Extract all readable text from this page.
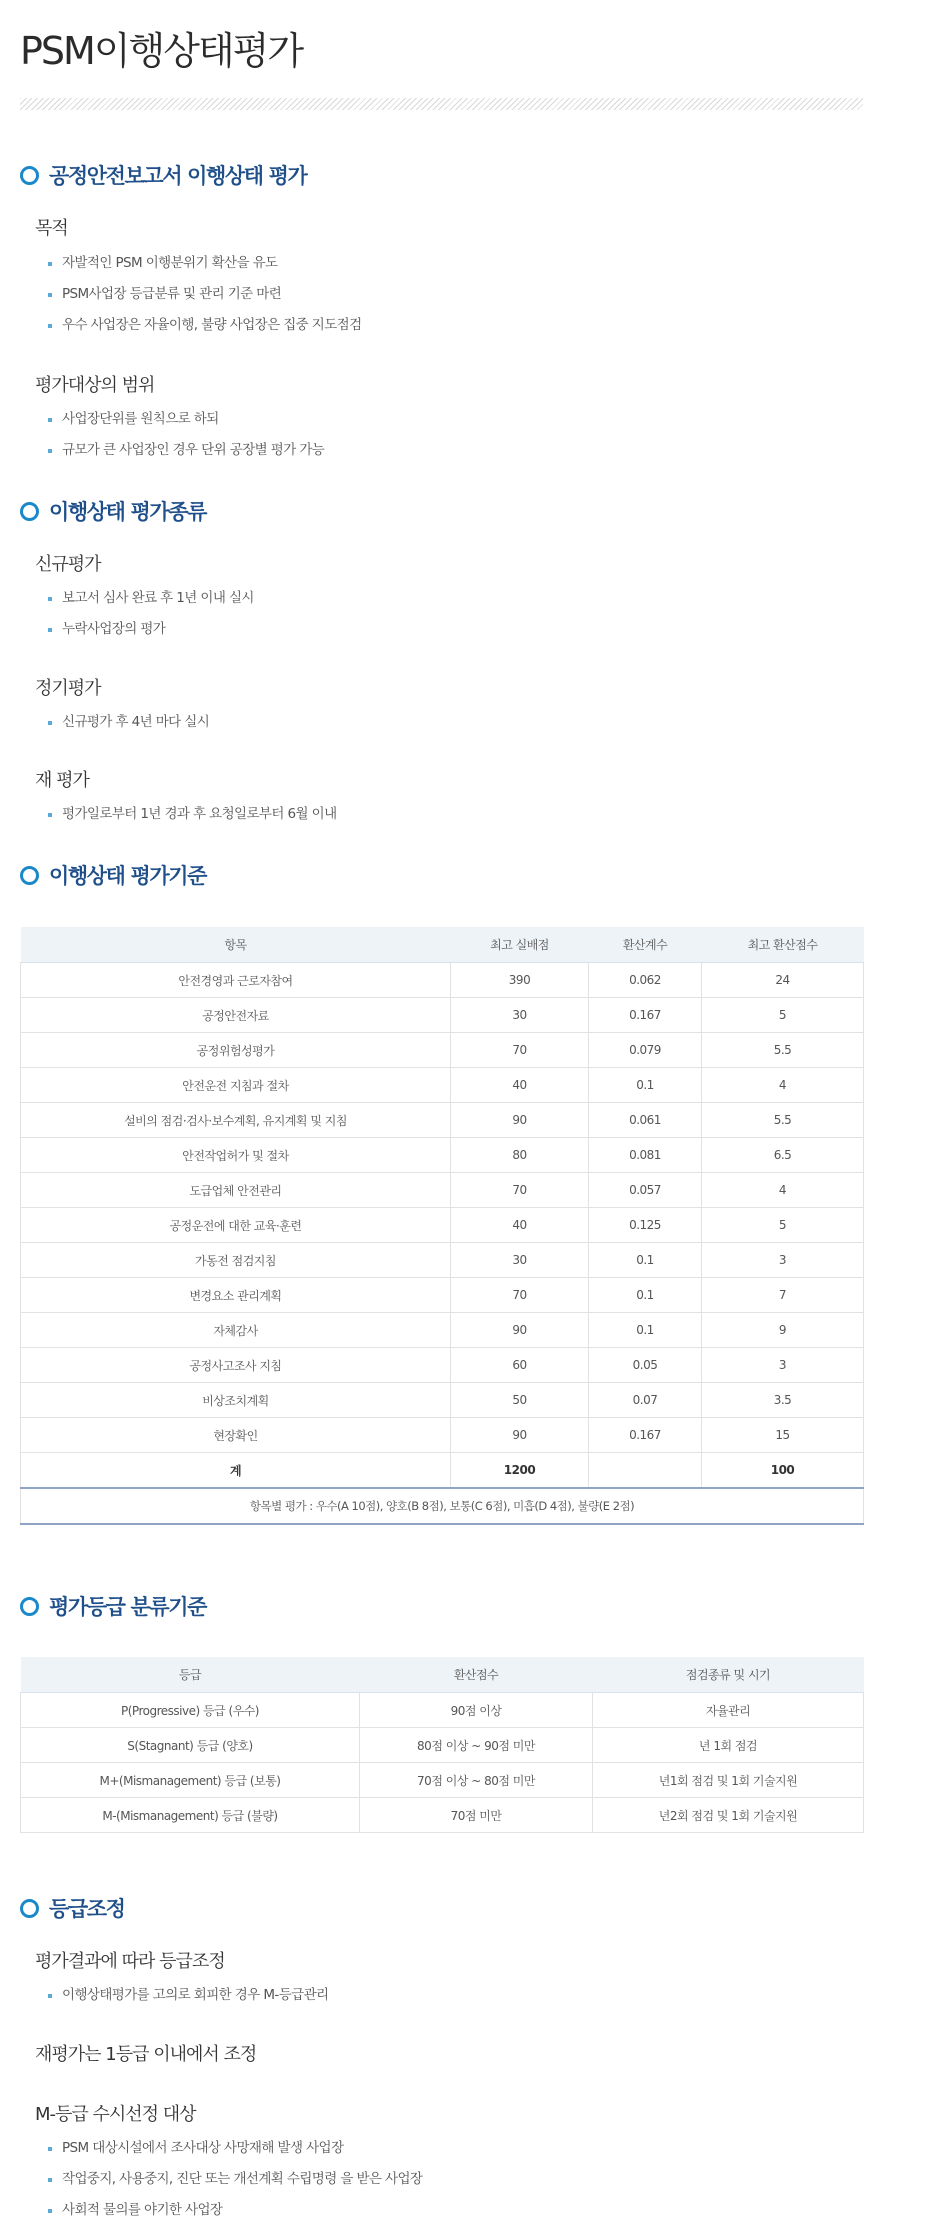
PSM이행상태평가
공정안전보고서 이행상태 평가
목적
자발적인 PSM 이행분위기 확산을 유도
PSM사업장 등급분류 및 관리 기준 마련
우수 사업장은 자율이행, 불량 사업장은 집중 지도점검
평가대상의 범위
사업장단위를 원칙으로 하되
규모가 큰 사업장인 경우 단위 공장별 평가 가능
이행상태 평가종류
신규평가
보고서 심사 완료 후 1년 이내 실시
누락사업장의 평가
정기평가
신규평가 후 4년 마다 실시
재 평가
평가일로부터 1년 경과 후 요청일로부터 6월 이내
이행상태 평가기준
항목	최고 실배점	환산계수	최고 환산점수
안전경영과 근로자참여	390	0.062	24
공정안전자료	30	0.167	5
공정위험성평가	70	0.079	5.5
안전운전 지침과 절차	40	0.1	4
설비의 점검·검사·보수계획, 유지계획 및 지침	90	0.061	5.5
안전작업허가 및 절차	80	0.081	6.5
도급업체 안전관리	70	0.057	4
공정운전에 대한 교육·훈련	40	0.125	5
가동전 점검지침	30	0.1	3
변경요소 관리계획	70	0.1	7
자체감사	90	0.1	9
공정사고조사 지침	60	0.05	3
비상조치계획	50	0.07	3.5
현장확인	90	0.167	15
계	1200		100
항목별 평가 : 우수(A 10점), 양호(B 8점), 보통(C 6점), 미흡(D 4점), 불량(E 2점)			
평가등급 분류기준
등급	환산점수	점검종류 및 시기
P(Progressive) 등급 (우수)	90점 이상	자율관리
S(Stagnant) 등급 (양호)	80점 이상 ~ 90점 미만	년 1회 점검
M+(Mismanagement) 등급 (보통)	70점 이상 ~ 80점 미만	년1회 점검 및 1회 기술지원
M-(Mismanagement) 등급 (불량)	70점 미만	년2회 점검 및 1회 기술지원
등급조정
평가결과에 따라 등급조정
이행상태평가를 고의로 회피한 경우 M-등급관리
재평가는 1등급 이내에서 조정
M-등급 수시선정 대상
PSM 대상시설에서 조사대상 사망재해 발생 사업장
작업중지, 사용중지, 진단 또는 개선계획 수립명령 을 받은 사업장
사회적 물의를 야기한 사업장
